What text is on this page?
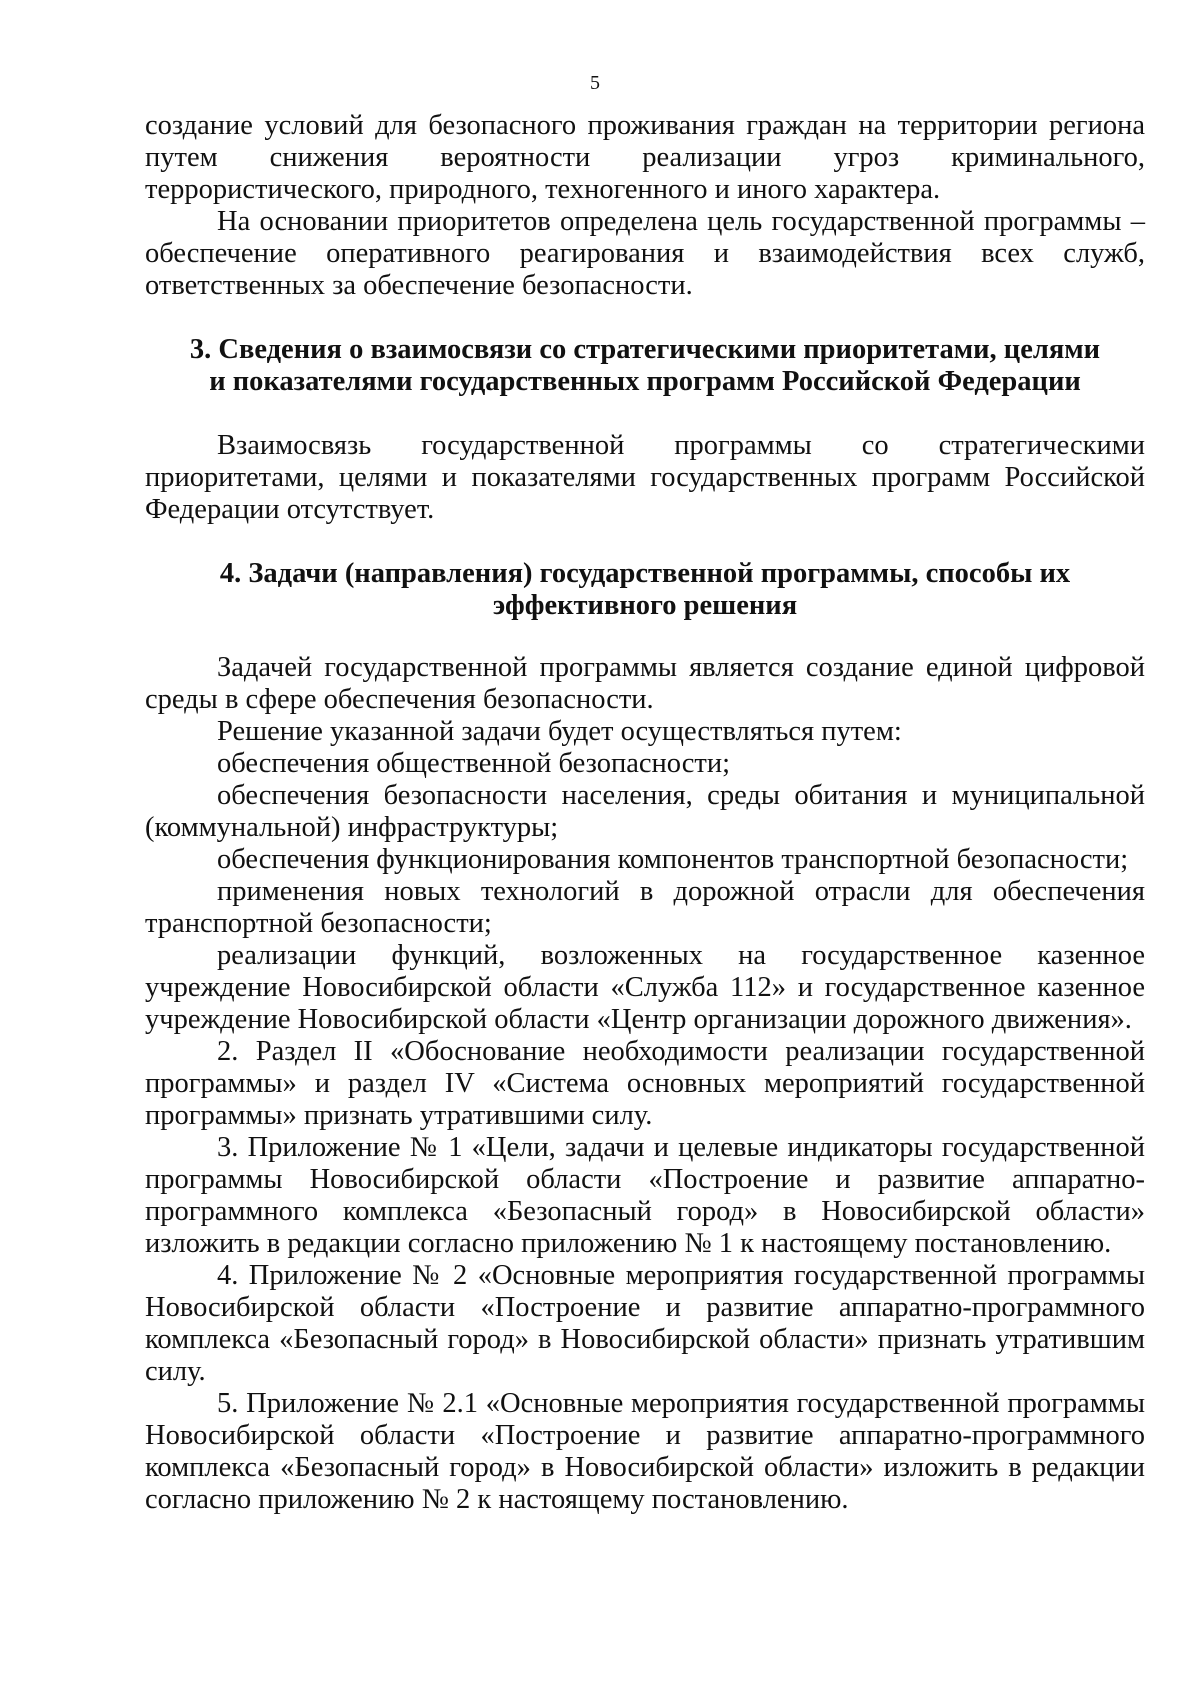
5

создание условий для безопасного проживания граждан на территории региона путем снижения вероятности реализации угроз криминального, террористического, природного, техногенного и иного характера.

На основании приоритетов определена цель государственной программы – обеспечение оперативного реагирования и взаимодействия всех служб, ответственных за обеспечение безопасности.

3. Сведения о взаимосвязи со стратегическими приоритетами, целями

и показателями государственных программ Российской Федерации

Взаимосвязь государственной программы со стратегическими приоритетами, целями и показателями государственных программ Российской Федерации отсутствует.

4. Задачи (направления) государственной программы, способы их

эффективного решения

Задачей государственной программы является создание единой цифровой среды в сфере обеспечения безопасности.

Решение указанной задачи будет осуществляться путем:

обеспечения общественной безопасности;

обеспечения безопасности населения, среды обитания и муниципальной (коммунальной) инфраструктуры;

обеспечения функционирования компонентов транспортной безопасности;

применения новых технологий в дорожной отрасли для обеспечения транспортной безопасности;

реализации функций, возложенных на государственное казенное учреждение Новосибирской области «Служба 112» и государственное казенное учреждение Новосибирской области «Центр организации дорожного движения».

2. Раздел II «Обоснование необходимости реализации государственной программы» и раздел IV «Система основных мероприятий государственной программы» признать утратившими силу.

3. Приложение № 1 «Цели, задачи и целевые индикаторы государственной программы Новосибирской области «Построение и развитие аппаратно-программного комплекса «Безопасный город» в Новосибирской области» изложить в редакции согласно приложению № 1 к настоящему постановлению.

4. Приложение № 2 «Основные мероприятия государственной программы Новосибирской области «Построение и развитие аппаратно-программного комплекса «Безопасный город» в Новосибирской области» признать утратившим силу.

5. Приложение № 2.1 «Основные мероприятия государственной программы Новосибирской области «Построение и развитие аппаратно-программного комплекса «Безопасный город» в Новосибирской области» изложить в редакции согласно приложению № 2 к настоящему постановлению.
